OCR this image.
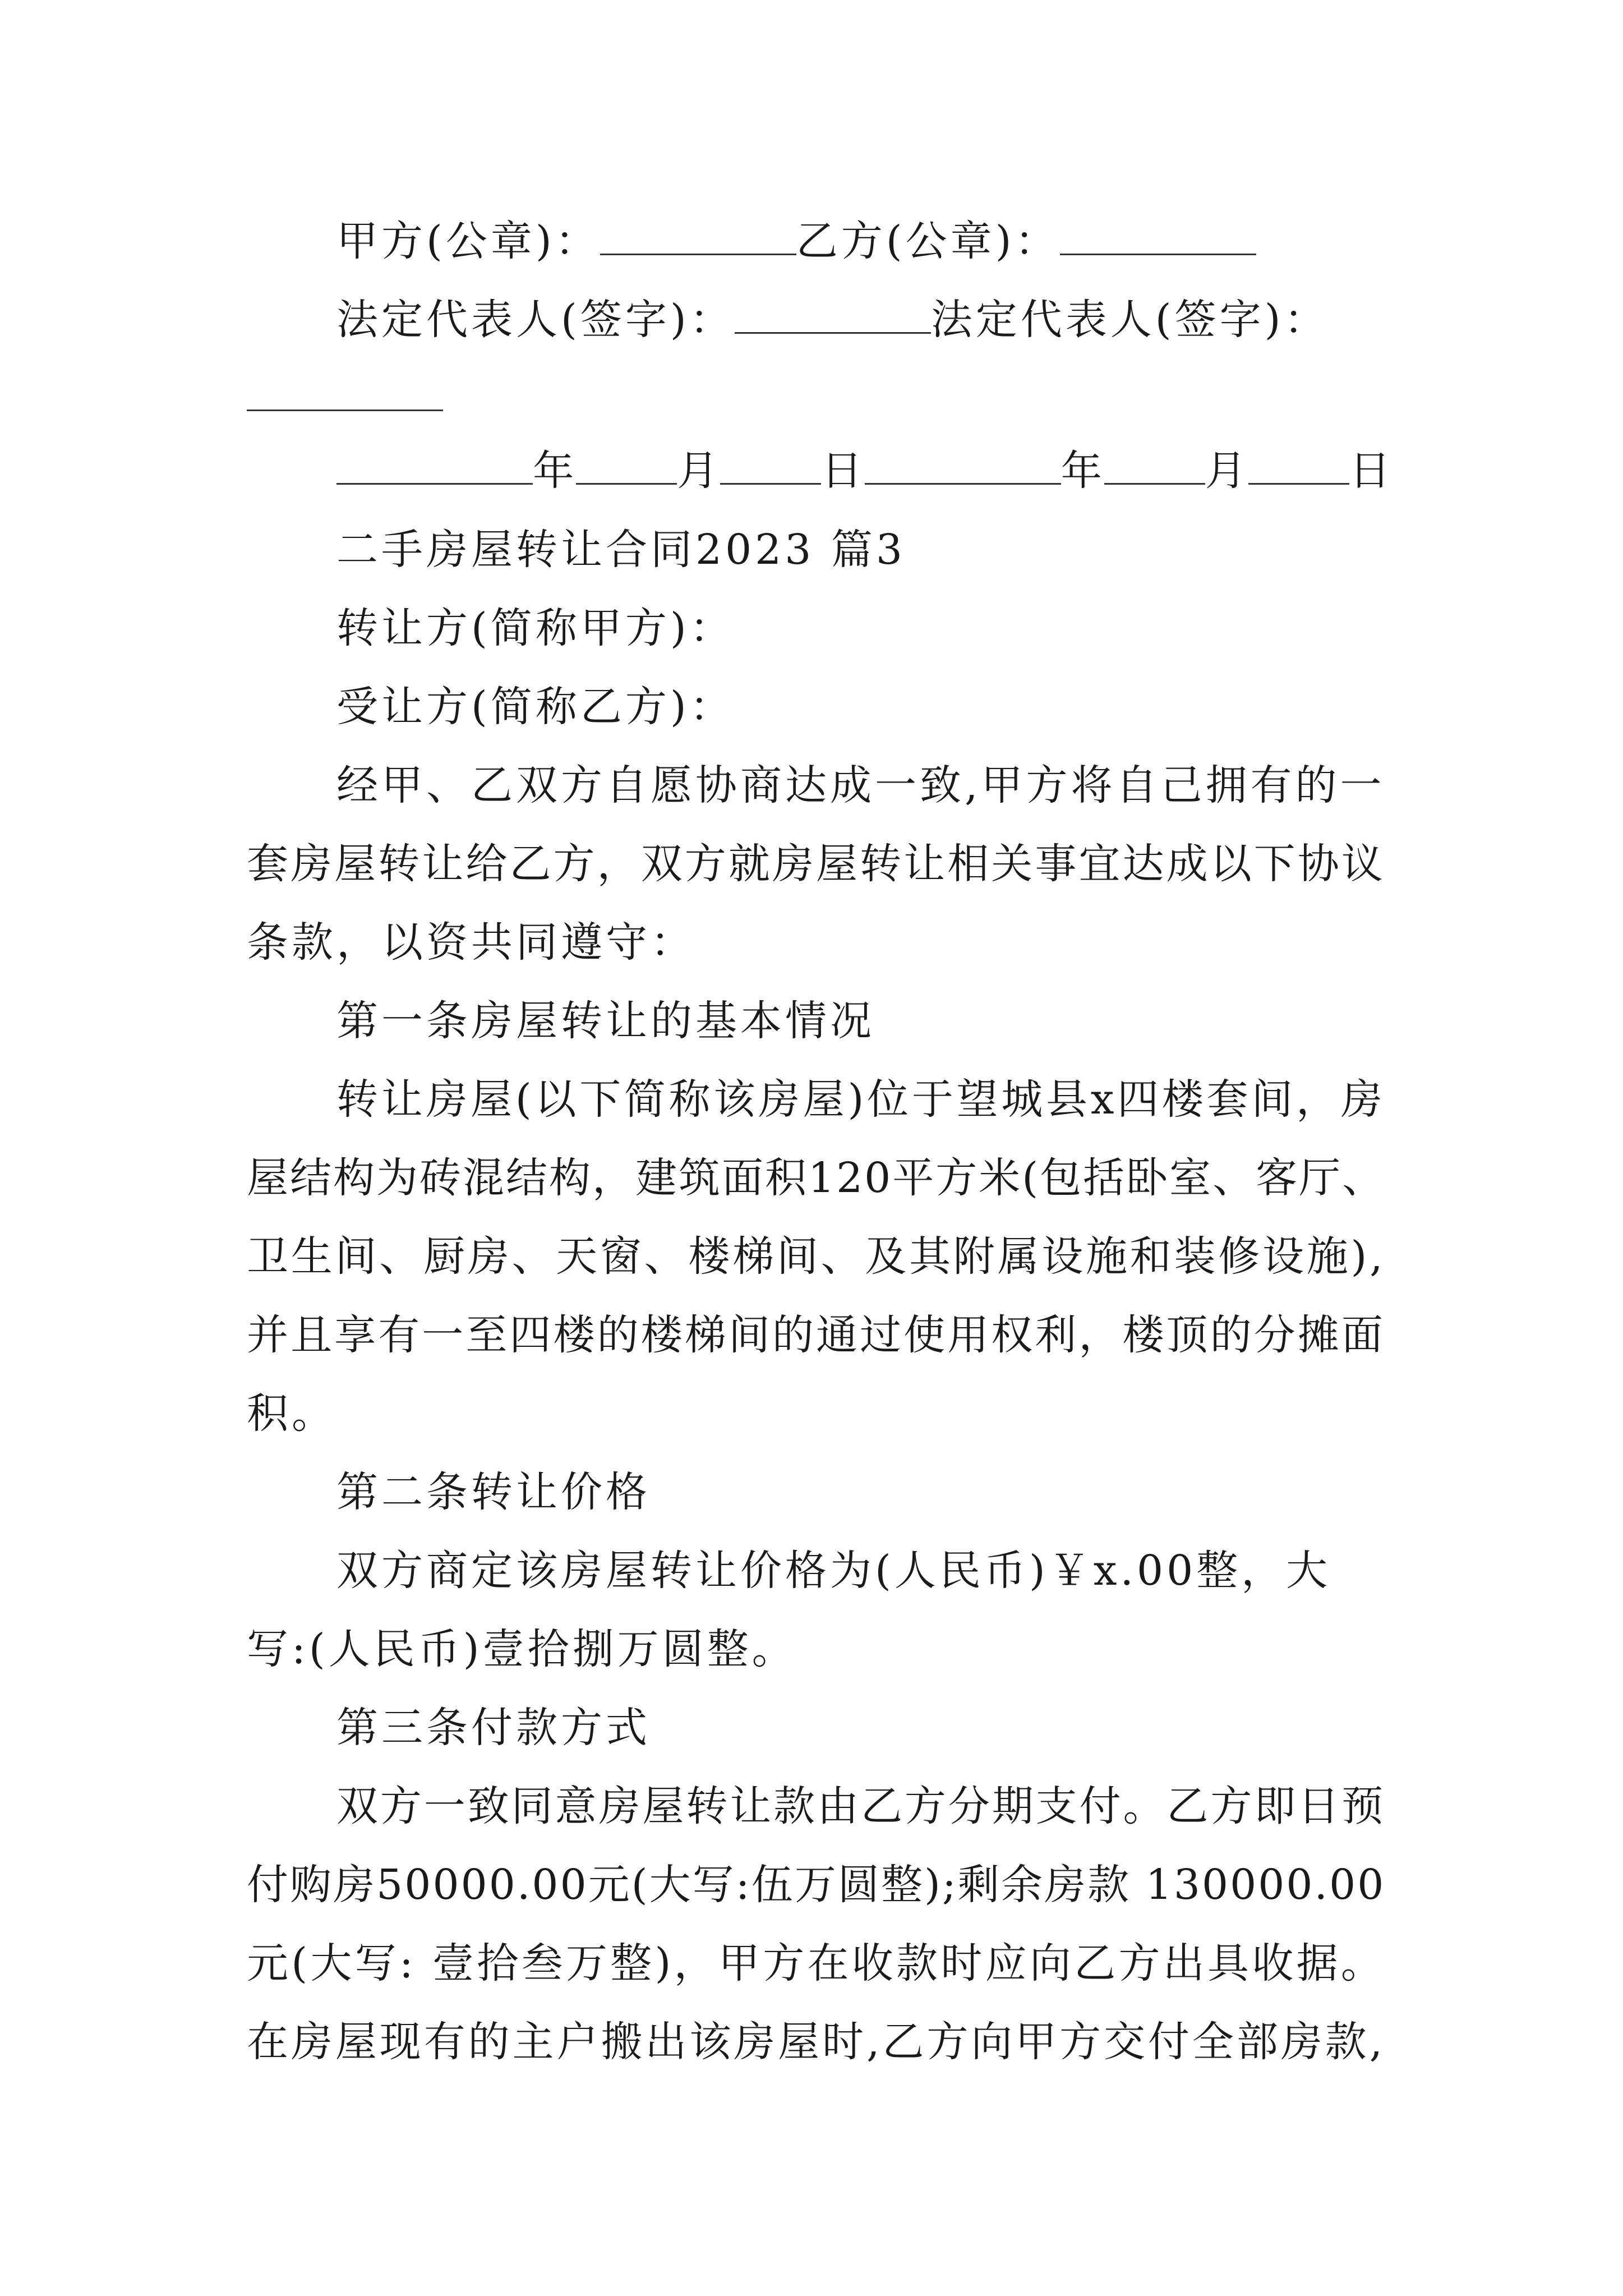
甲方(公章)：	乙方(公章)：
法定代表人(签字)：	法定代表人(签字)：
年 月 日	年 月 日
二手房屋转让合同2023 篇3
转让方(简称甲方)：
受让方(简称乙方)：
经甲、乙双方自愿协商达成一致,甲方将自己拥有的一
套房屋转让给乙方，双方就房屋转让相关事宜达成以下协议
条款，以资共同遵守：
第一条房屋转让的基本情况
转让房屋(以下简称该房屋)位于望城县x四楼套间，房
屋结构为砖混结构，建筑面积120平方米(包括卧室、客厅、
卫生间、厨房、天窗、楼梯间、及其附属设施和装修设施),
并且享有一至四楼的楼梯间的通过使用权利，楼顶的分摊面
积。
第二条转让价格
双方商定该房屋转让价格为(人民币)￥x.00整，大
写:(人民币)壹拾捌万圆整。
第三条付款方式
双方一致同意房屋转让款由乙方分期支付。乙方即日预
付购房50000.00元(大写:伍万圆整);剩余房款 130000.00
元(大写: 壹拾叁万整)，甲方在收款时应向乙方出具收据。
在房屋现有的主户搬出该房屋时,乙方向甲方交付全部房款,
